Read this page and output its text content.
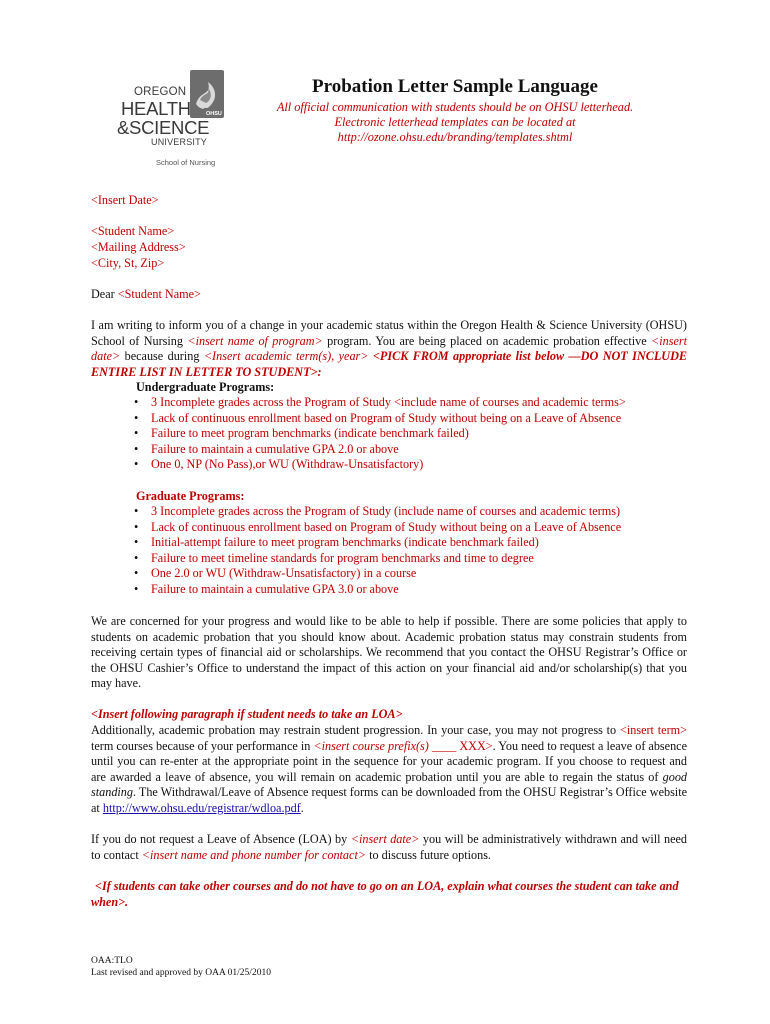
OHSU
OREGON
HEALTH
&SCIENCE
UNIVERSITY
School of Nursing
Probation Letter Sample Language
All official communication with students should be on OHSU letterhead.
Electronic letterhead templates can be located at
http://ozone.ohsu.edu/branding/templates.shtml
<Insert Date>
<Student Name>
<Mailing Address>
<City, St, Zip>
Dear <Student Name>
I am writing to inform you of a change in your academic status within the Oregon Health & Science University (OHSU) School of Nursing <insert name of program> program. You are being placed on academic probation effective <insert date> because during <Insert academic term(s), year> <PICK FROM appropriate list below —DO NOT INCLUDE ENTIRE LIST IN LETTER TO STUDENT>:
Undergraduate Programs:
• 3 Incomplete grades across the Program of Study <include name of courses and academic terms>
• Lack of continuous enrollment based on Program of Study without being on a Leave of Absence
• Failure to meet program benchmarks (indicate benchmark failed)
• Failure to maintain a cumulative GPA 2.0 or above
• One 0, NP (No Pass),or WU (Withdraw-Unsatisfactory)
Graduate Programs:
• 3 Incomplete grades across the Program of Study (include name of courses and academic terms)
• Lack of continuous enrollment based on Program of Study without being on a Leave of Absence
• Initial-attempt failure to meet program benchmarks (indicate benchmark failed)
• Failure to meet timeline standards for program benchmarks and time to degree
• One 2.0 or WU (Withdraw-Unsatisfactory) in a course
• Failure to maintain a cumulative GPA 3.0 or above
We are concerned for your progress and would like to be able to help if possible. There are some policies that apply to students on academic probation that you should know about. Academic probation status may constrain students from receiving certain types of financial aid or scholarships. We recommend that you contact the OHSU Registrar’s Office or the OHSU Cashier’s Office to understand the impact of this action on your financial aid and/or scholarship(s) that you may have.
<Insert following paragraph if student needs to take an LOA>
Additionally, academic probation may restrain student progression. In your case, you may not progress to <insert term> term courses because of your performance in <insert course prefix(s) ____ XXX>. You need to request a leave of absence until you can re-enter at the appropriate point in the sequence for your academic program. If you choose to request and are awarded a leave of absence, you will remain on academic probation until you are able to regain the status of good standing. The Withdrawal/Leave of Absence request forms can be downloaded from the OHSU Registrar’s Office website at http://www.ohsu.edu/registrar/wdloa.pdf.
If you do not request a Leave of Absence (LOA) by <insert date> you will be administratively withdrawn and will need to contact <insert name and phone number for contact> to discuss future options.
<If students can take other courses and do not have to go on an LOA, explain what courses the student can take and when>.
OAA:TLO
Last revised and approved by OAA 01/25/2010
